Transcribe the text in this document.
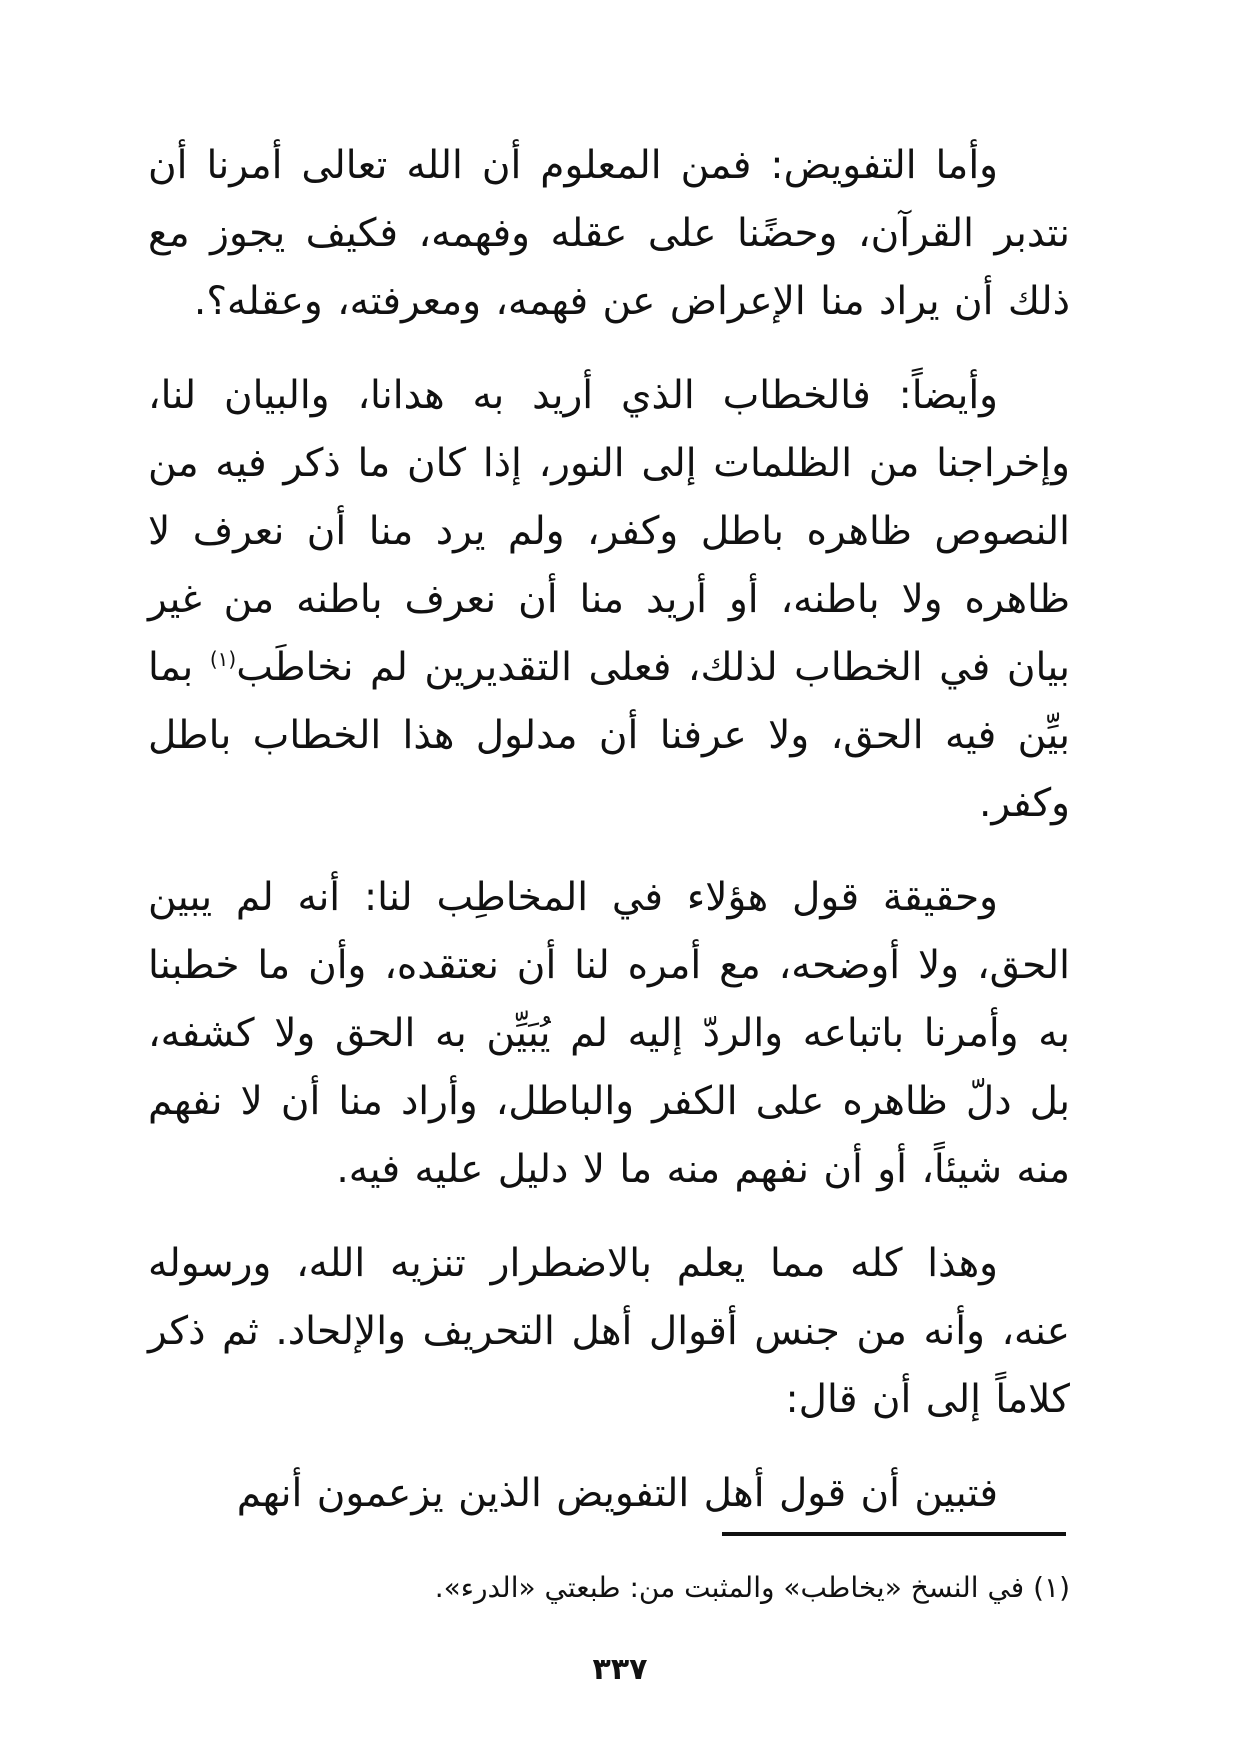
وأما التفويض: فمن المعلوم أن الله تعالى أمرنا أن نتدبر القرآن، وحضًنا على عقله وفهمه، فكيف يجوز مع ذلك أن يراد منا الإعراض عن فهمه، ومعرفته، وعقله؟.

وأيضاً: فالخطاب الذي أريد به هدانا، والبيان لنا، وإخراجنا من الظلمات إلى النور، إذا كان ما ذكر فيه من النصوص ظاهره باطل وكفر، ولم يرد منا أن نعرف لا ظاهره ولا باطنه، أو أريد منا أن نعرف باطنه من غير بيان في الخطاب لذلك، فعلى التقديرين لم نخاطَب$^{(١)}$ بما بيِّن فيه الحق، ولا عرفنا أن مدلول هذا الخطاب باطل وكفر.

وحقيقة قول هؤلاء في المخاطِب لنا: أنه لم يبين الحق، ولا أوضحه، مع أمره لنا أن نعتقده، وأن ما خطبنا به وأمرنا باتباعه والردّ إليه لم يُبَيِّن به الحق ولا كشفه، بل دلّ ظاهره على الكفر والباطل، وأراد منا أن لا نفهم منه شيئاً، أو أن نفهم منه ما لا دليل عليه فيه.

وهذا كله مما يعلم بالاضطرار تنزيه الله، ورسوله عنه، وأنه من جنس أقوال أهل التحريف والإلحاد. ثم ذكر كلاماً إلى أن قال:

فتبين أن قول أهل التفويض الذين يزعمون أنهم

(١) في النسخ «يخاطب» والمثبت من: طبعتي «الدرء».

٣٣٧
